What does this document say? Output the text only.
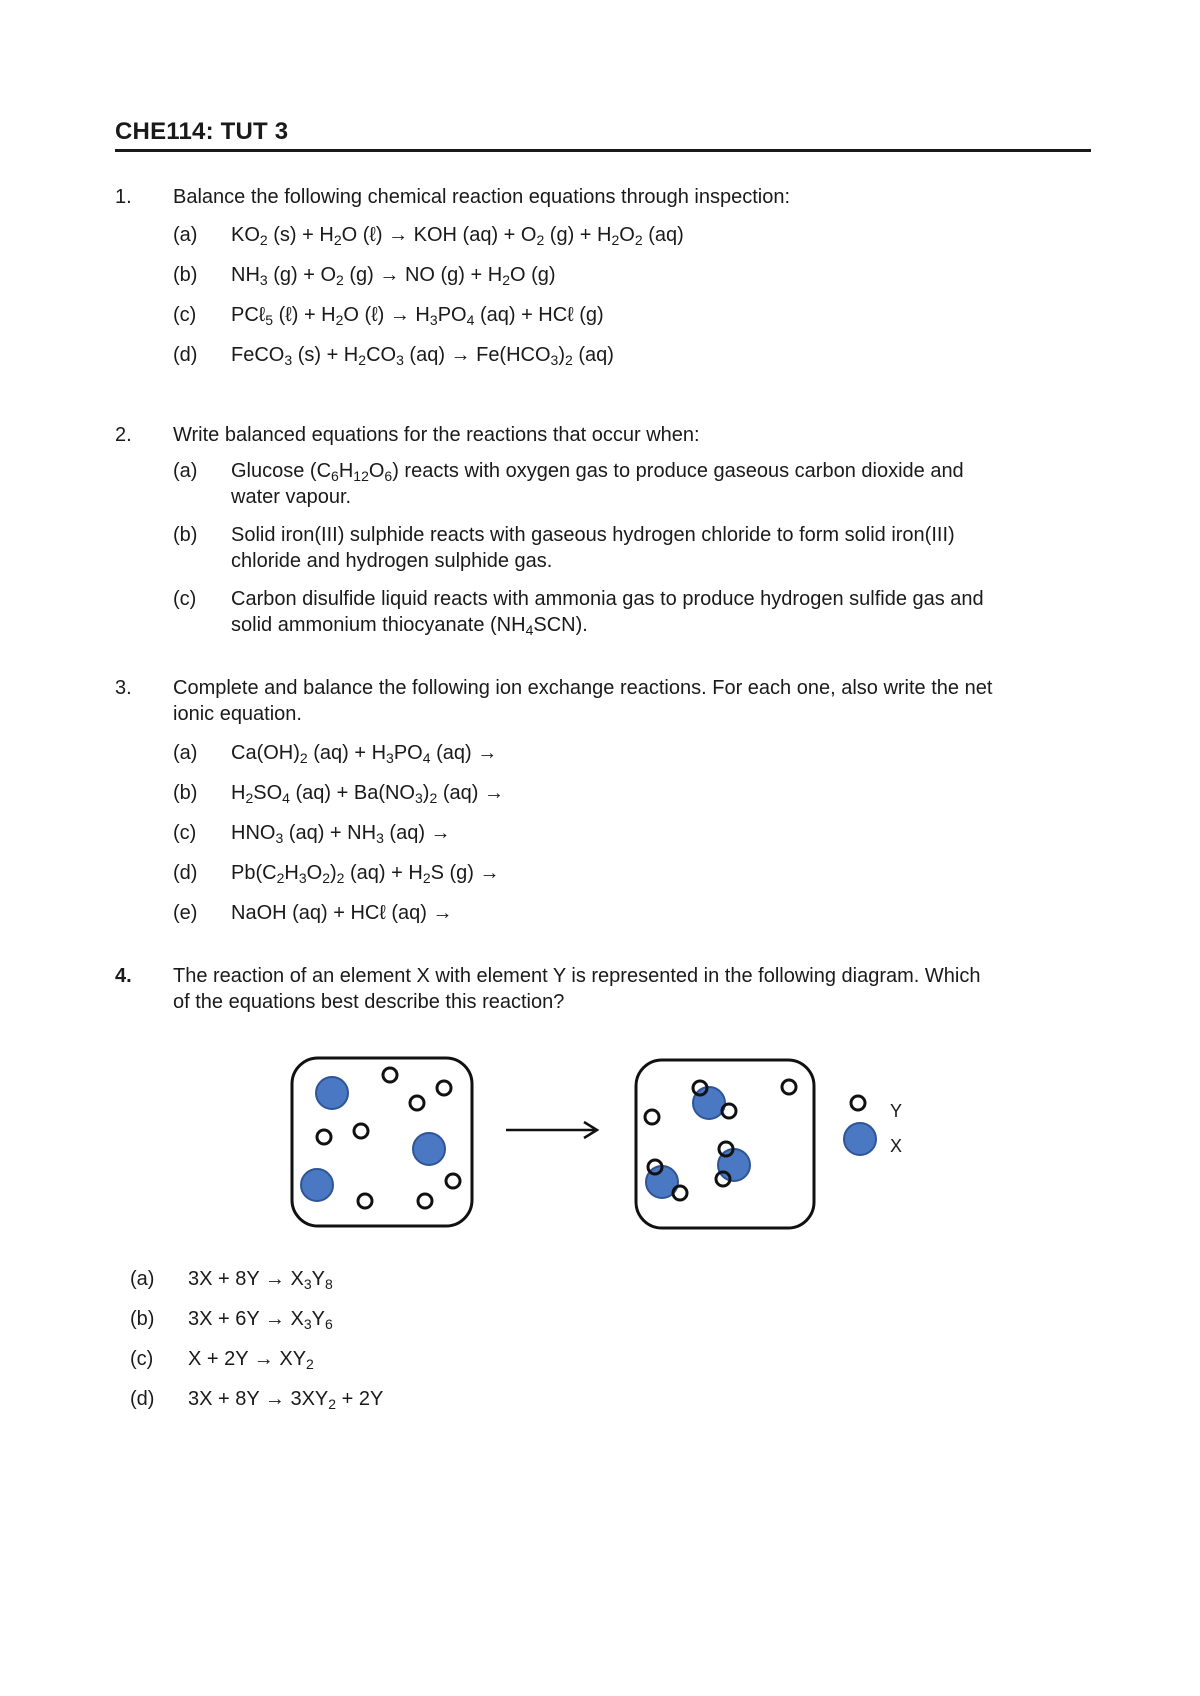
CHE114: TUT 3
1.	Balance the following chemical reaction equations through inspection:
(a)	$KO_2$ $(s) + H_2O$ (ℓ) → KOH $(aq) + O_2$ $(g) + H_2O_2$ (aq)
(b)	$NH_3$ $(g) + O_2$ (g) → NO $(g) + H_2O$ (g)
(c)	PCℓ$_5$ (ℓ) + $H_2O$ (ℓ) → $H_3PO_4$ (aq) + HCℓ (g)
(d)	FeCO$_3$ $(s) + H_2CO_3$ $(aq) \to Fe(HCO_3)_2$ (aq)
2.	Write balanced equations for the reactions that occur when:
(a)	Glucose $(C_6H_{12}O_6)$ reacts with oxygen gas to produce gaseous carbon dioxide and
water vapour.
(b)	Solid iron(III) sulphide reacts with gaseous hydrogen chloride to form solid iron(III)
chloride and hydrogen sulphide gas.
(c)	Carbon disulfide liquid reacts with ammonia gas to produce hydrogen sulfide gas and
solid ammonium thiocyanate $(NH_4SCN)$.
3.	Complete and balance the following ion exchange reactions. For each one, also write the net
ionic equation.
(a)	$Ca(OH)_2$ $(aq) + H_3PO_4$ (aq) →
(b)	$H_2SO_4$ $(aq) + Ba(NO_3)_2$ (aq) →
(c)	$HNO_3$ $(aq) + NH_3$ (aq) →
(d)	$Pb(C_2H_3O_2)_2$ $(aq) + H_2S$ (g) →
(e)	NaOH (aq) + HCℓ (aq) →
4.	The reaction of an element X with element Y is represented in the following diagram. Which
of the equations best describe this reaction?
Y
X
(a)	$3X + 8Y \to X_3Y_8$
(b)	$3X + 6Y \to X_3Y_6$
(c)	$X + 2Y \to XY_2$
(d)	$3X + 8Y \to 3XY_2 + 2Y$
